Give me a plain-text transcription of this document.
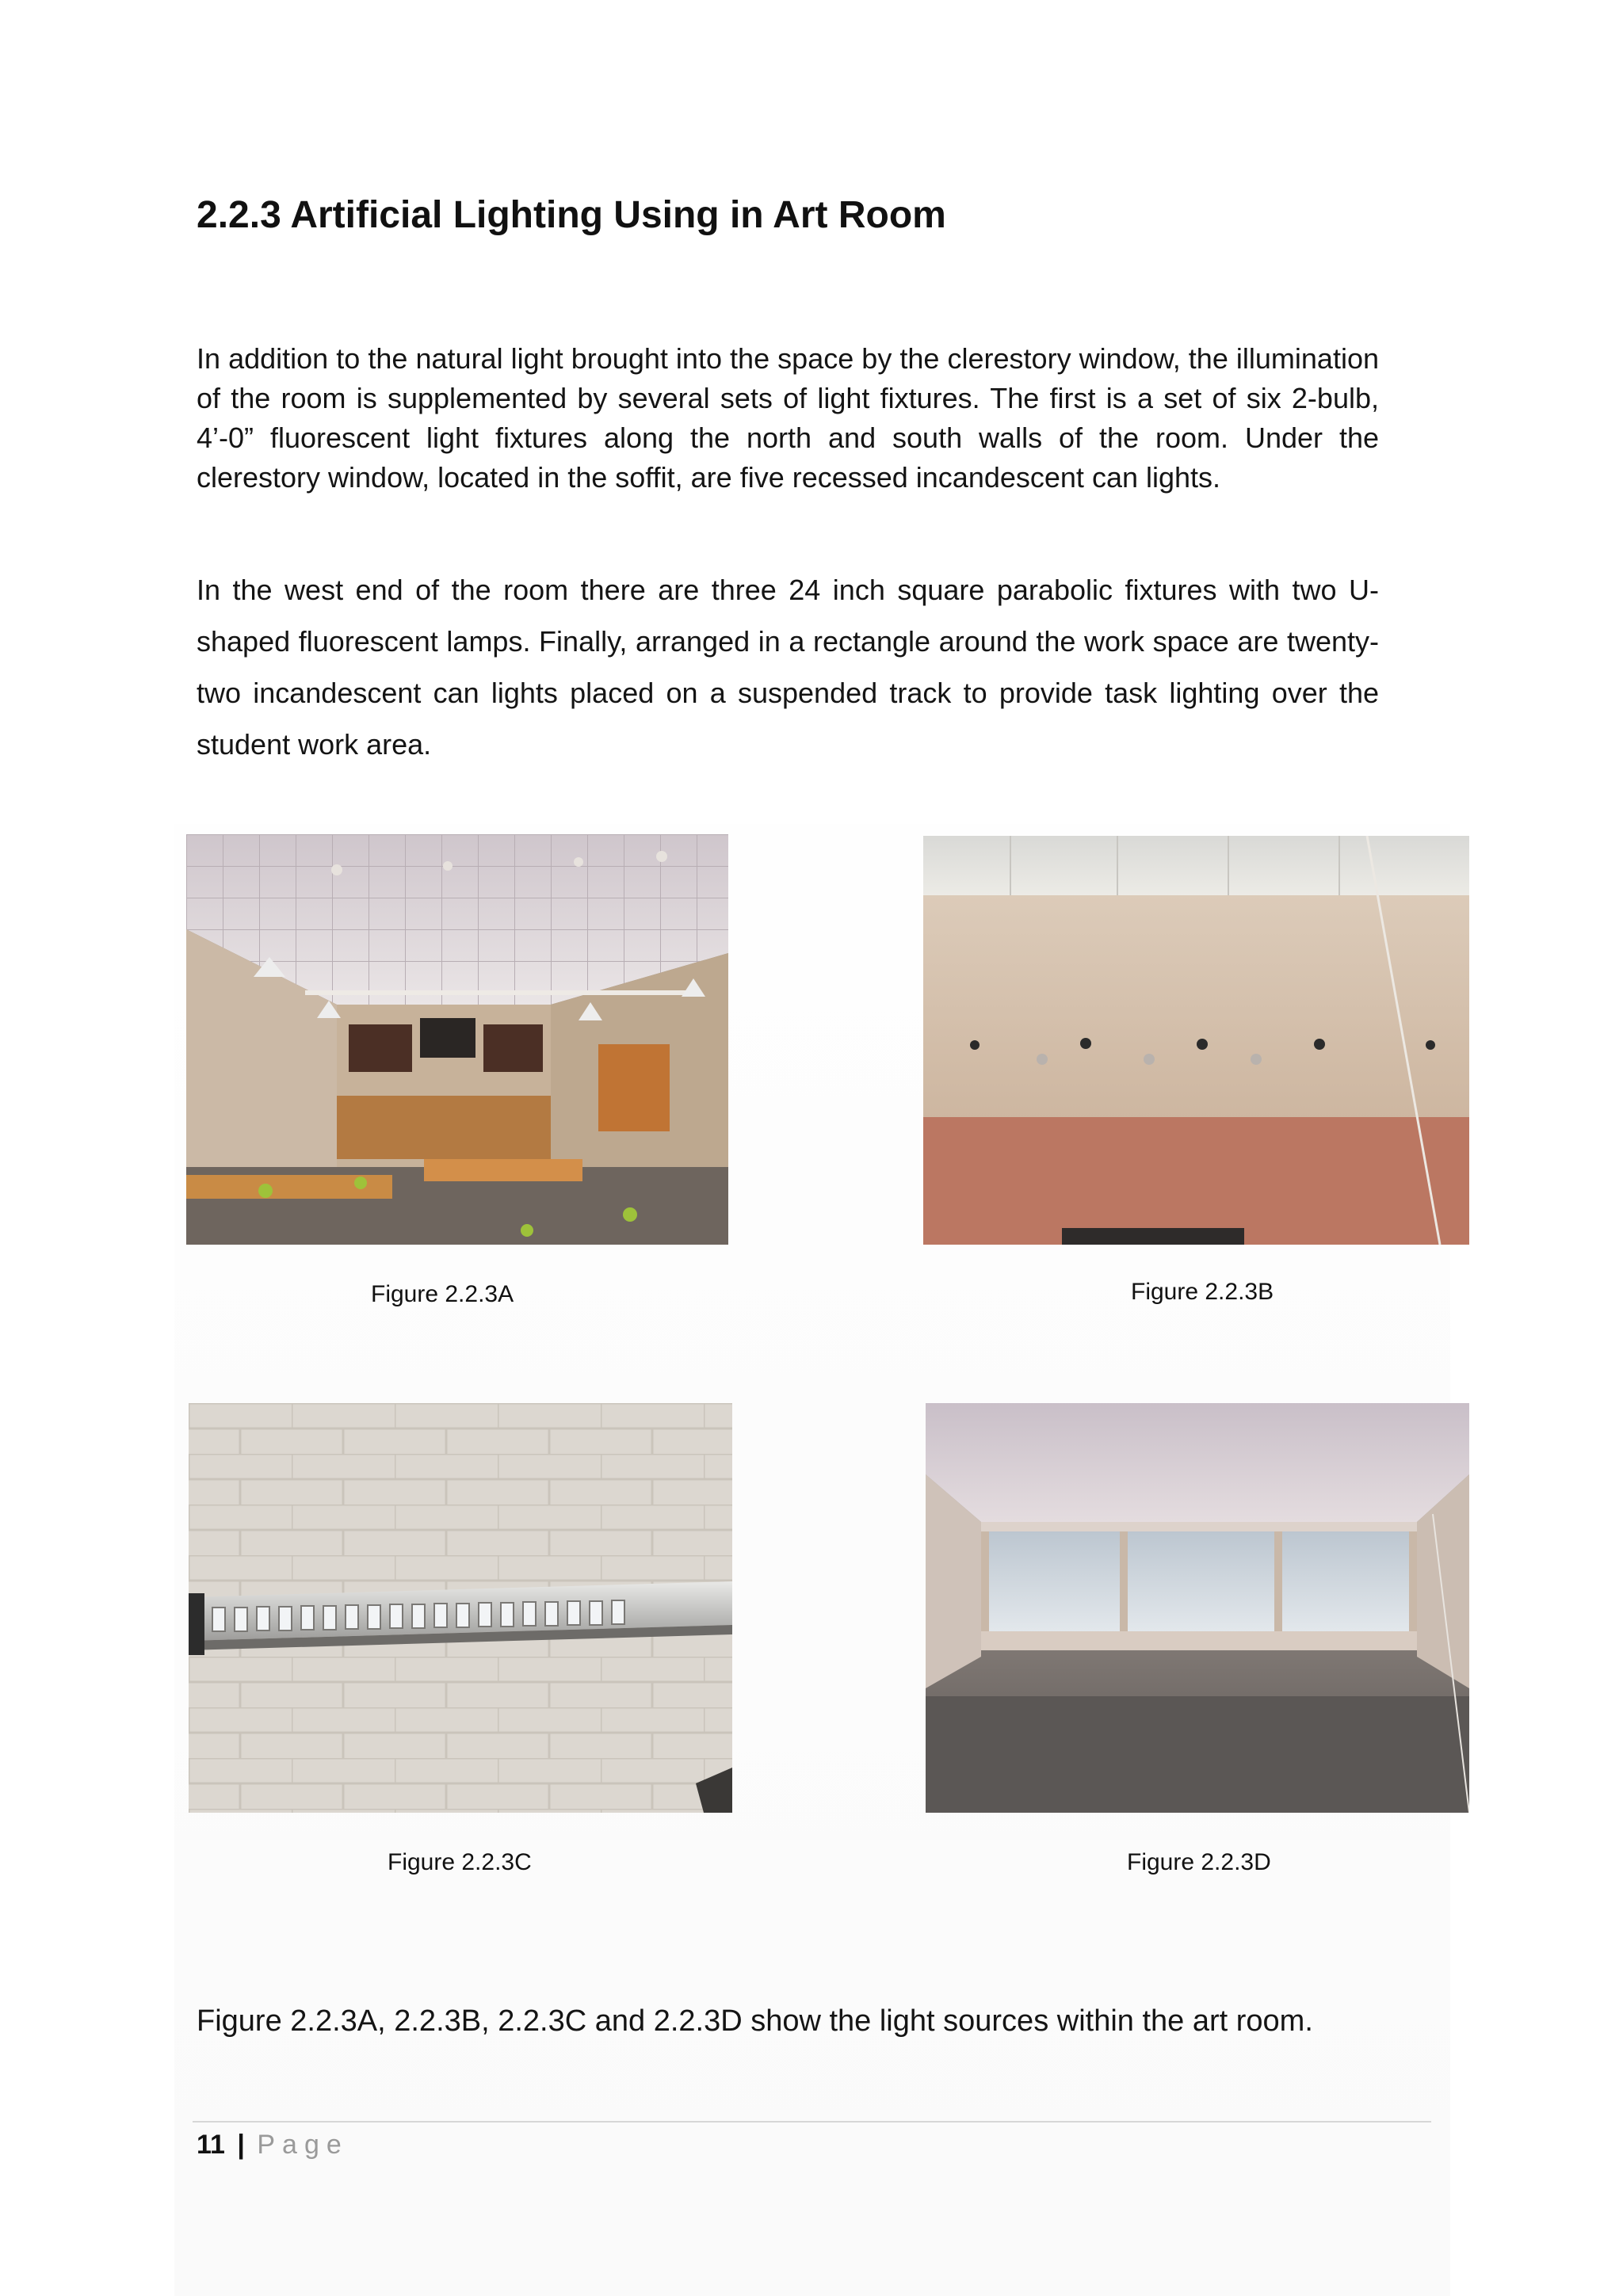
2.2.3 Artificial Lighting Using in Art Room

In addition to the natural light brought into the space by the clerestory window, the illumination of the room is supplemented by several sets of light fixtures. The first is a set of six 2-bulb, 4’-0” fluorescent light fixtures along the north and south walls of the room. Under the clerestory window, located in the soffit, are five recessed incandescent can lights.

In the west end of the room there are three 24 inch square parabolic fixtures with two U-shaped fluorescent lamps. Finally, arranged in a rectangle around the work space are twenty-two incandescent can lights placed on a suspended track to provide task lighting over the student work area.

Figure 2.2.3A	Figure 2.2.3B
Figure 2.2.3C	Figure 2.2.3D

Figure 2.2.3A, 2.2.3B, 2.2.3C and 2.2.3D show the light sources within the art room.

11 | Page
